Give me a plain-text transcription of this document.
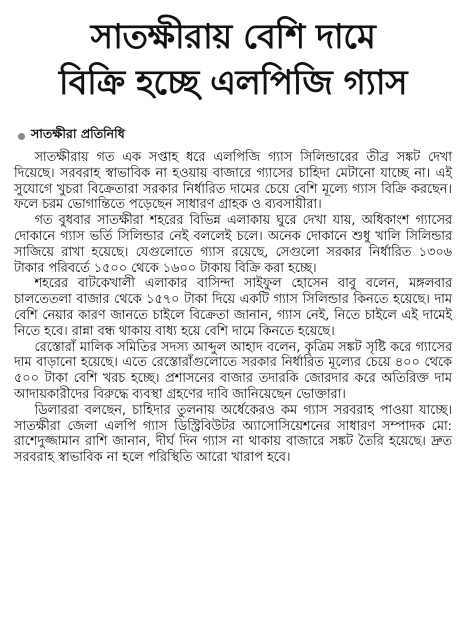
সাতক্ষীরায় বেশি দামে
বিক্রি হচ্ছে এলপিজি গ্যাস
সাতক্ষীরা প্রতিনিধি

সাতক্ষীরায় গত এক সপ্তাহ ধরে এলপিজি গ্যাস সিলিন্ডারের তীব্র সঙ্কট দেখা দিয়েছে। সরবরাহ স্বাভাবিক না হওয়ায় বাজারে গ্যাসের চাহিদা মেটানো যাচ্ছে না। এই সুযোগে খুচরা বিক্রেতারা সরকার নির্ধারিত দামের চেয়ে বেশি মূল্যে গ্যাস বিক্রি করছেন। ফলে চরম ভোগান্তিতে পড়েছেন সাধারণ গ্রাহক ও ব্যবসায়ীরা।

গত বুধবার সাতক্ষীরা শহরের বিভিন্ন এলাকায় ঘুরে দেখা যায়, অধিকাংশ গ্যাসের দোকানে গ্যাস ভর্তি সিলিন্ডার নেই বললেই চলে। অনেক দোকানে শুধু খালি সিলিন্ডার সাজিয়ে রাখা হয়েছে। যেগুলোতে গ্যাস রয়েছে, সেগুলো সরকার নির্ধারিত ১৩০৬ টাকার পরিবর্তে ১৫০০ থেকে ১৬০০ টাকায় বিক্রি করা হচ্ছে।

শহরের বাটকেখালী এলাকার বাসিন্দা সাইফুল হোসেন বাবু বলেন, মঙ্গলবার চালতেতলা বাজার থেকে ১৫৭০ টাকা দিয়ে একটি গ্যাস সিলিন্ডার কিনতে হয়েছে। দাম বেশি নেয়ার কারণ জানতে চাইলে বিক্রেতা জানান, গ্যাস নেই, নিতে চাইলে এই দামেই নিতে হবে। রান্না বন্ধ থাকায় বাধ্য হয়ে বেশি দামে কিনতে হয়েছে।

রেস্তোরাঁ মালিক সমিতির সদস্য আব্দুল আহাদ বলেন, কৃত্রিম সঙ্কট সৃষ্টি করে গ্যাসের দাম বাড়ানো হয়েছে। এতে রেস্তোরাঁগুলোতে সরকার নির্ধারিত মূল্যের চেয়ে ৪০০ থেকে ৫০০ টাকা বেশি খরচ হচ্ছে। প্রশাসনের বাজার তদারকি জোরদার করে অতিরিক্ত দাম আদায়কারীদের বিরুদ্ধে ব্যবস্থা গ্রহণের দাবি জানিয়েছেন ভোক্তারা।

ডিলাররা বলছেন, চাহিদার তুলনায় অর্ধেকেরও কম গ্যাস সরবরাহ পাওয়া যাচ্ছে। সাতক্ষীরা জেলা এলপি গ্যাস ডিস্ট্রিবিউটর অ্যাসোসিয়েশনের সাধারণ সম্পাদক মো: রাশেদুজ্জামান রাশি জানান, দীর্ঘ দিন গ্যাস না থাকায় বাজারে সঙ্কট তৈরি হয়েছে। দ্রুত সরবরাহ স্বাভাবিক না হলে পরিস্থিতি আরো খারাপ হবে।
